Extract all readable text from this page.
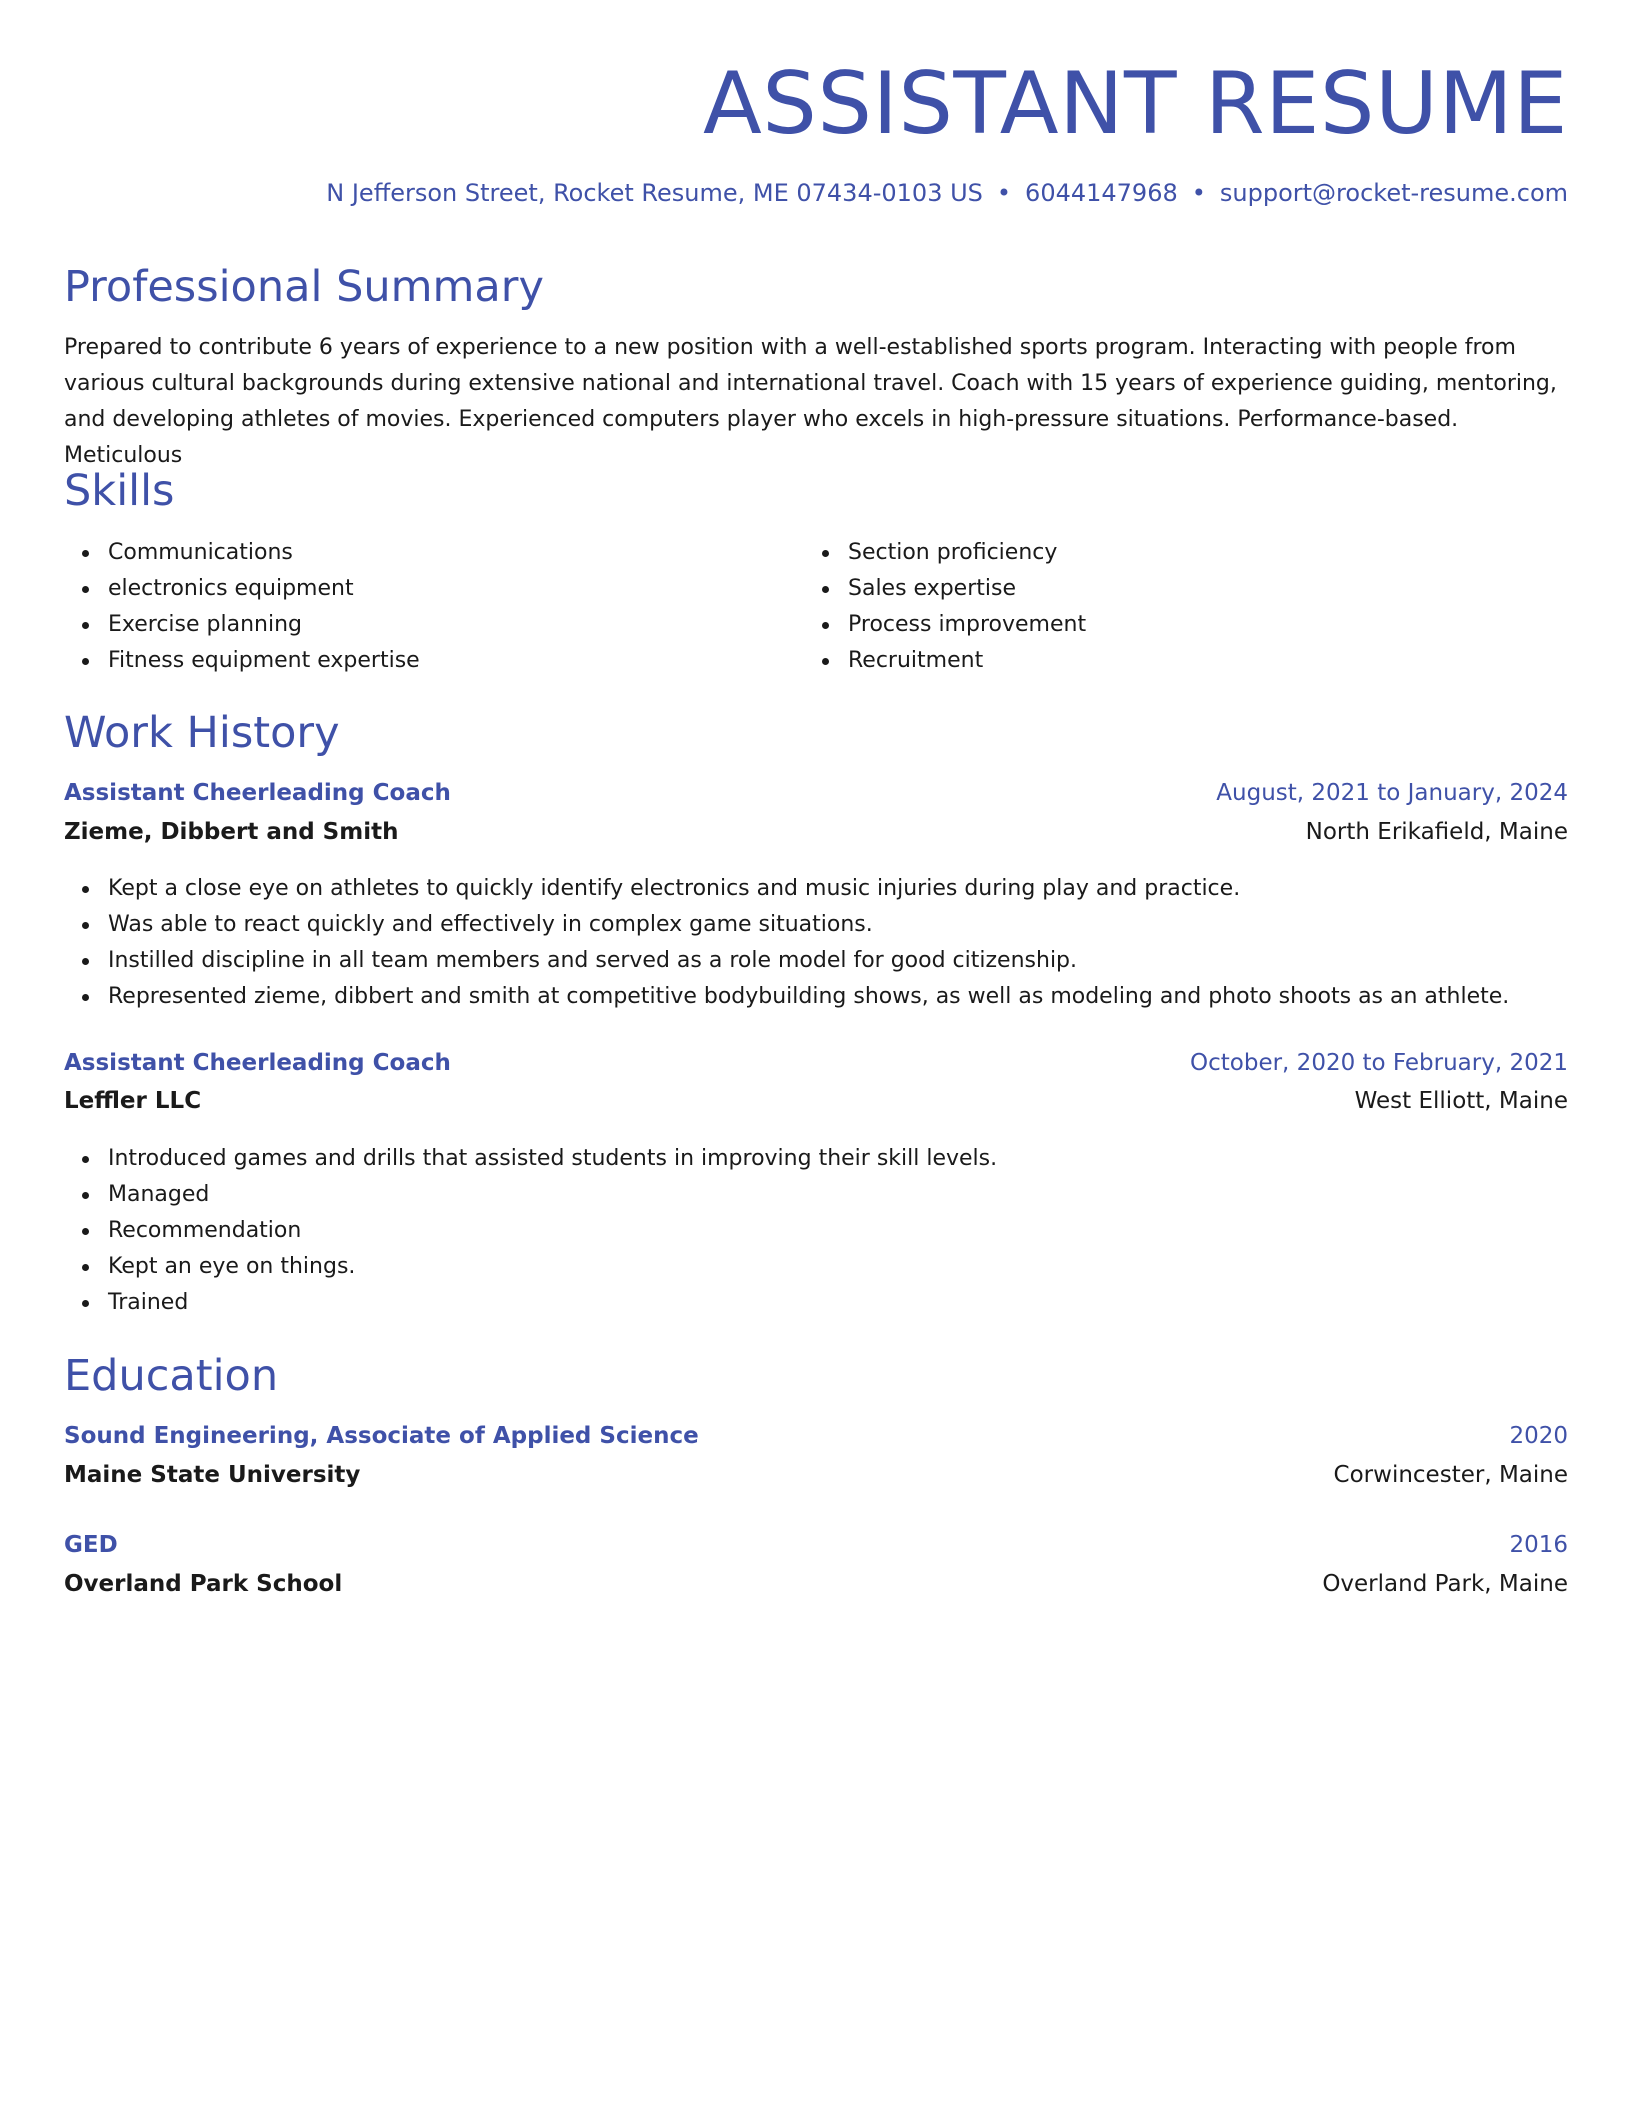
ASSISTANT RESUME

N Jefferson Street, Rocket Resume, ME 07434-0103 US • 6044147968 • support@rocket-resume.com

Professional Summary

Prepared to contribute 6 years of experience to a new position with a well-established sports program. Interacting with people from various cultural backgrounds during extensive national and international travel. Coach with 15 years of experience guiding, mentoring, and developing athletes of movies. Experienced computers player who excels in high-pressure situations. Performance-based. Meticulous

Skills
Communications
electronics equipment
Exercise planning
Fitness equipment expertise
Section proficiency
Sales expertise
Process improvement
Recruitment
Work History
Assistant Cheerleading Coach	August, 2021 to January, 2024
Zieme, Dibbert and Smith	North Erikafield, Maine
Kept a close eye on athletes to quickly identify electronics and music injuries during play and practice.
Was able to react quickly and effectively in complex game situations.
Instilled discipline in all team members and served as a role model for good citizenship.
Represented zieme, dibbert and smith at competitive bodybuilding shows, as well as modeling and photo shoots as an athlete.
Assistant Cheerleading Coach	October, 2020 to February, 2021
Leffler LLC	West Elliott, Maine
Introduced games and drills that assisted students in improving their skill levels.
Managed
Recommendation
Kept an eye on things.
Trained
Education
Sound Engineering, Associate of Applied Science	2020
Maine State University	Corwincester, Maine
GED	2016
Overland Park School	Overland Park, Maine
